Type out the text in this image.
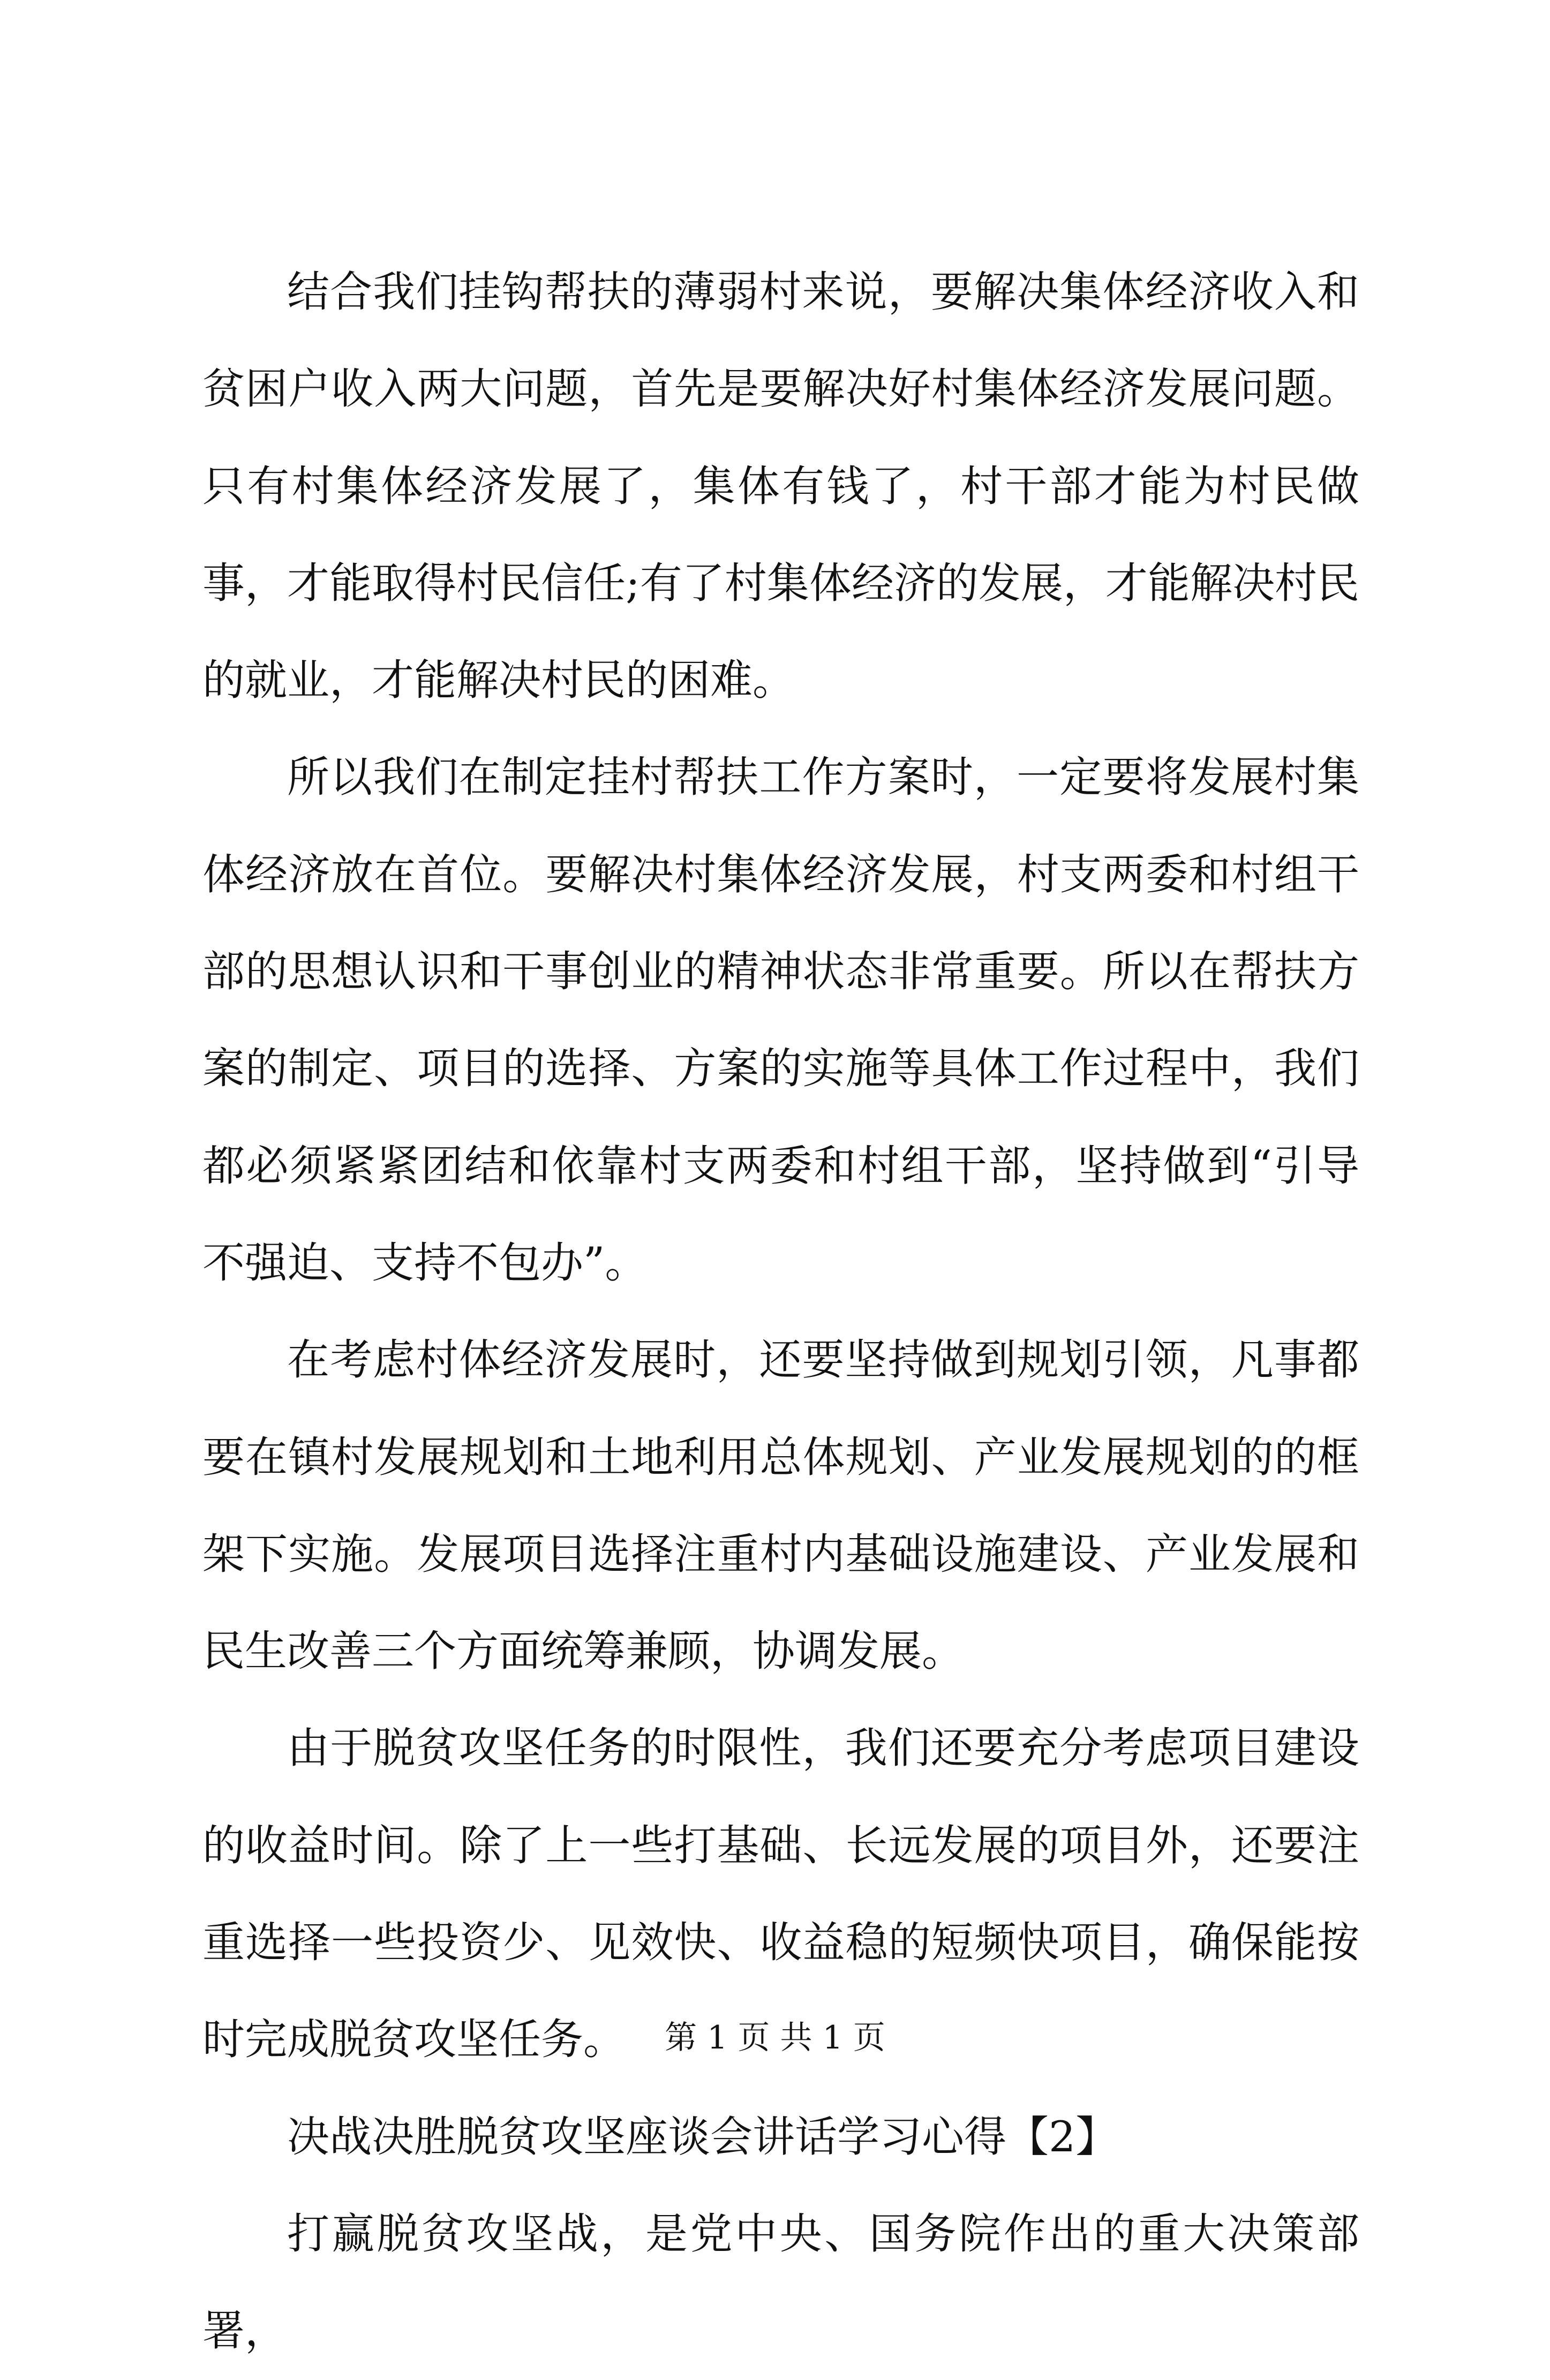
结合我们挂钩帮扶的薄弱村来说，要解决集体经济收入和贫困户收入两大问题，首先是要解决好村集体经济发展问题。只有村集体经济发展了，集体有钱了，村干部才能为村民做事，才能取得村民信任;有了村集体经济的发展，才能解决村民的就业，才能解决村民的困难。

所以我们在制定挂村帮扶工作方案时，一定要将发展村集体经济放在首位。要解决村集体经济发展，村支两委和村组干部的思想认识和干事创业的精神状态非常重要。所以在帮扶方案的制定、项目的选择、方案的实施等具体工作过程中，我们都必须紧紧团结和依靠村支两委和村组干部，坚持做到“引导不强迫、支持不包办”。

在考虑村体经济发展时，还要坚持做到规划引领，凡事都要在镇村发展规划和土地利用总体规划、产业发展规划的的框架下实施。发展项目选择注重村内基础设施建设、产业发展和民生改善三个方面统筹兼顾，协调发展。

由于脱贫攻坚任务的时限性，我们还要充分考虑项目建设的收益时间。除了上一些打基础、长远发展的项目外，还要注重选择一些投资少、见效快、收益稳的短频快项目，确保能按时完成脱贫攻坚任务。

决战决胜脱贫攻坚座谈会讲话学习心得【2】

打赢脱贫攻坚战，是党中央、国务院作出的重大决策部署，

第 1 页 共 1 页
